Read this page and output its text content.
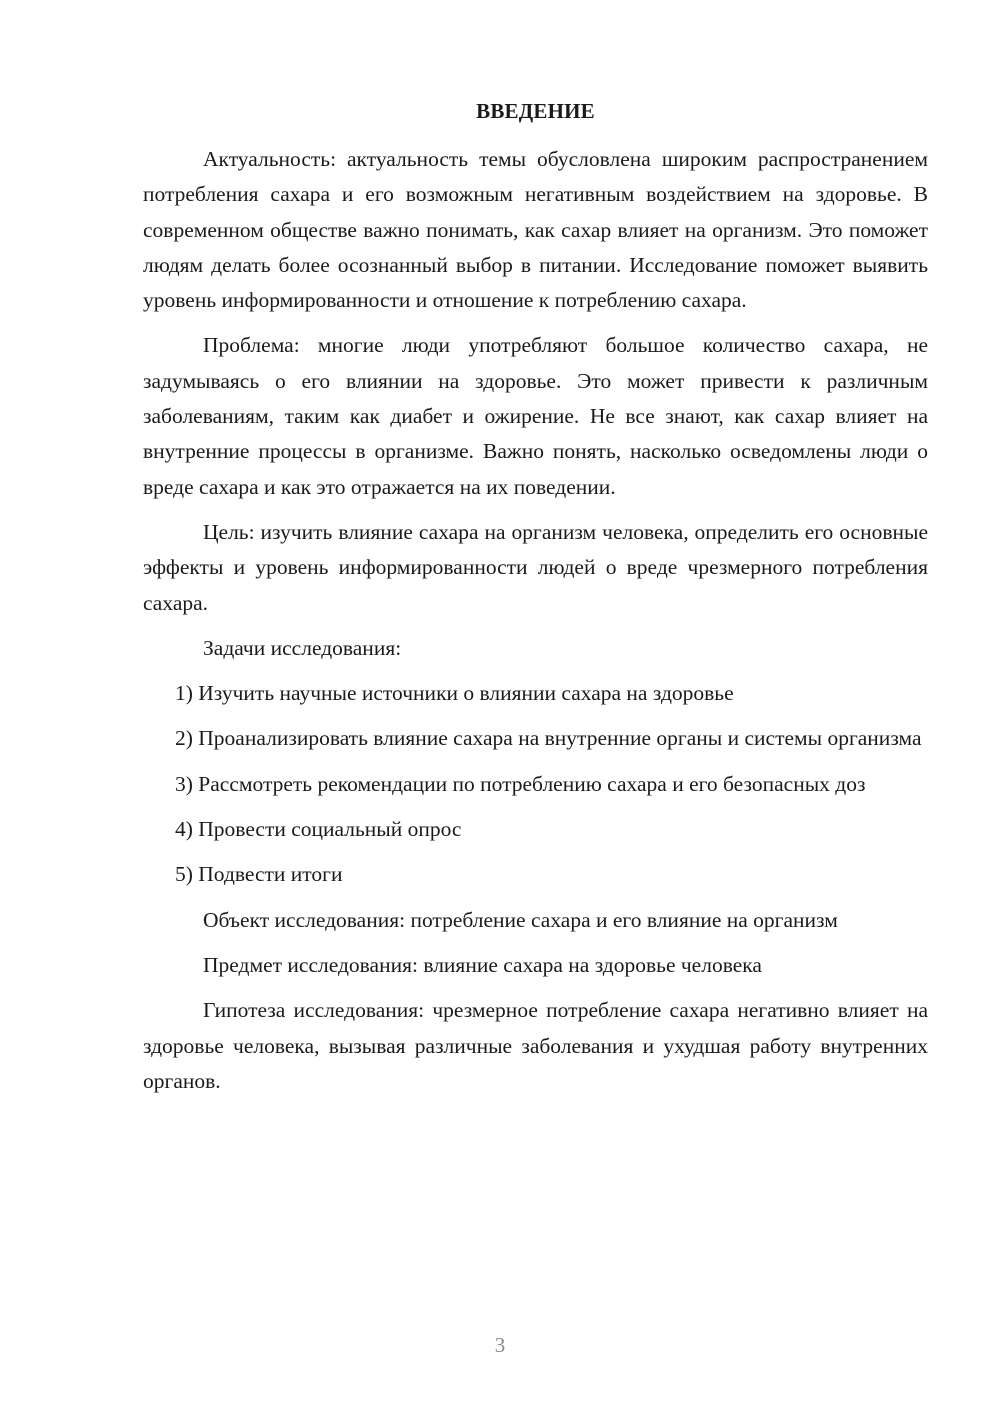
ВВЕДЕНИЕ

Актуальность: актуальность темы обусловлена широким распространением потребления сахара и его возможным негативным воздействием на здоровье. В современном обществе важно понимать, как сахар влияет на организм. Это поможет людям делать более осознанный выбор в питании. Исследование поможет выявить уровень информированности и отношение к потреблению сахара.

Проблема: многие люди употребляют большое количество сахара, не задумываясь о его влиянии на здоровье. Это может привести к различным заболеваниям, таким как диабет и ожирение. Не все знают, как сахар влияет на внутренние процессы в организме. Важно понять, насколько осведомлены люди о вреде сахара и как это отражается на их поведении.

Цель: изучить влияние сахара на организм человека, определить его основные эффекты и уровень информированности людей о вреде чрезмерного потребления сахара.

Задачи исследования:

1) Изучить научные источники о влиянии сахара на здоровье

2) Проанализировать влияние сахара на внутренние органы и системы организма

3) Рассмотреть рекомендации по потреблению сахара и его безопасных доз

4) Провести социальный опрос

5) Подвести итоги

Объект исследования: потребление сахара и его влияние на организм

Предмет исследования: влияние сахара на здоровье человека

Гипотеза исследования: чрезмерное потребление сахара негативно влияет на здоровье человека, вызывая различные заболевания и ухудшая работу внутренних органов.

3
